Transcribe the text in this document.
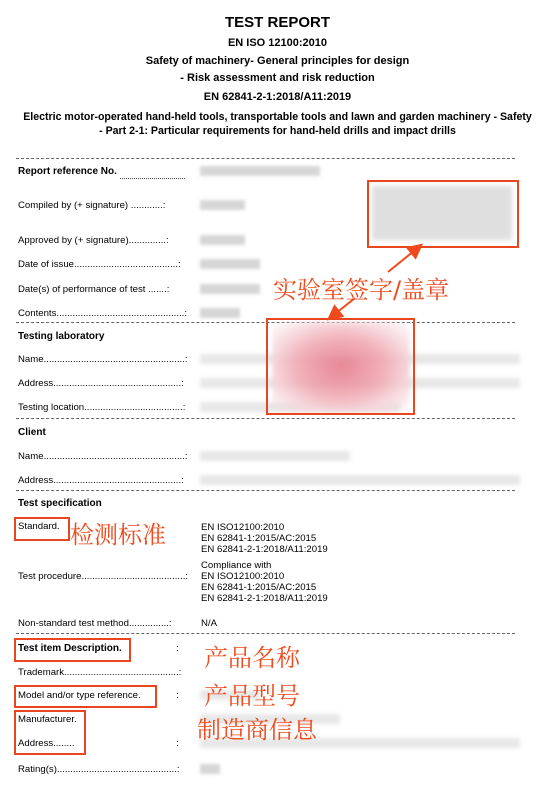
TEST REPORT
EN ISO 12100:2010
Safety of machinery- General principles for design
- Risk assessment and risk reduction
EN 62841-2-1:2018/A11:2019
Electric motor-operated hand-held tools, transportable tools and lawn and garden machinery - Safety - Part 2-1: Particular requirements for hand-held drills and impact drills
Report reference No.
Compiled by (+ signature) ............:
Approved by (+ signature)..............:
Date of issue.......................................:
Date(s) of performance of test .......:
Contents................................................:
Testing laboratory
Name.....................................................:
Address................................................:
Testing location.....................................:
Client
Name.....................................................:
Address................................................:
Test specification
Standard.	EN ISO12100:2010
EN 62841-1:2015/AC:2015
EN 62841-2-1:2018/A11:2019
Test procedure.......................................:
Compliance with
EN ISO12100:2010
EN 62841-1:2015/AC:2015
EN 62841-2-1:2018/A11:2019
Non-standard test method...............:	N/A
Test item Description.
Trademark...........................................:
Model and/or type reference.
Manufacturer.
Address........
Rating(s).............................................:
:
:
:
实验室签字/盖章
检测标准
产品名称
产品型号
制造商信息
